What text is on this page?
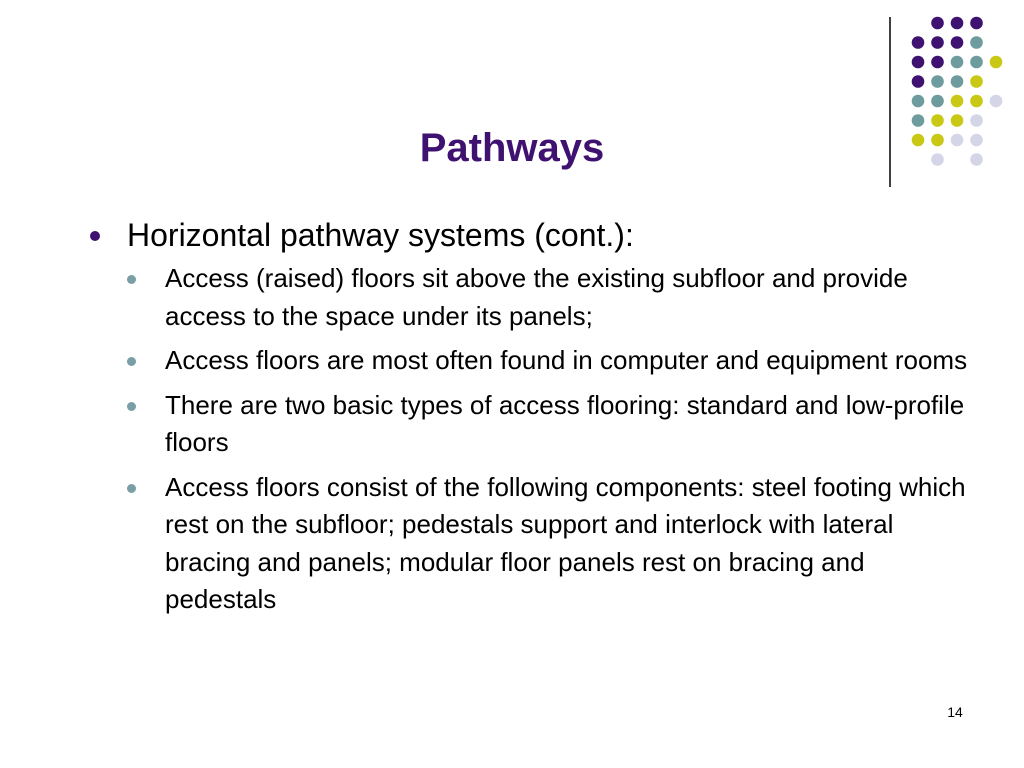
Pathways
Horizontal pathway systems (cont.):
Access (raised) floors sit above the existing subfloor and provide access to the space under its panels;
Access floors are most often found in computer and equipment rooms
There are two basic types of access flooring: standard and low-profile floors
Access floors consist of the following components: steel footing which rest on the subfloor; pedestals support and interlock with lateral bracing and panels; modular floor panels rest on bracing and pedestals
14
